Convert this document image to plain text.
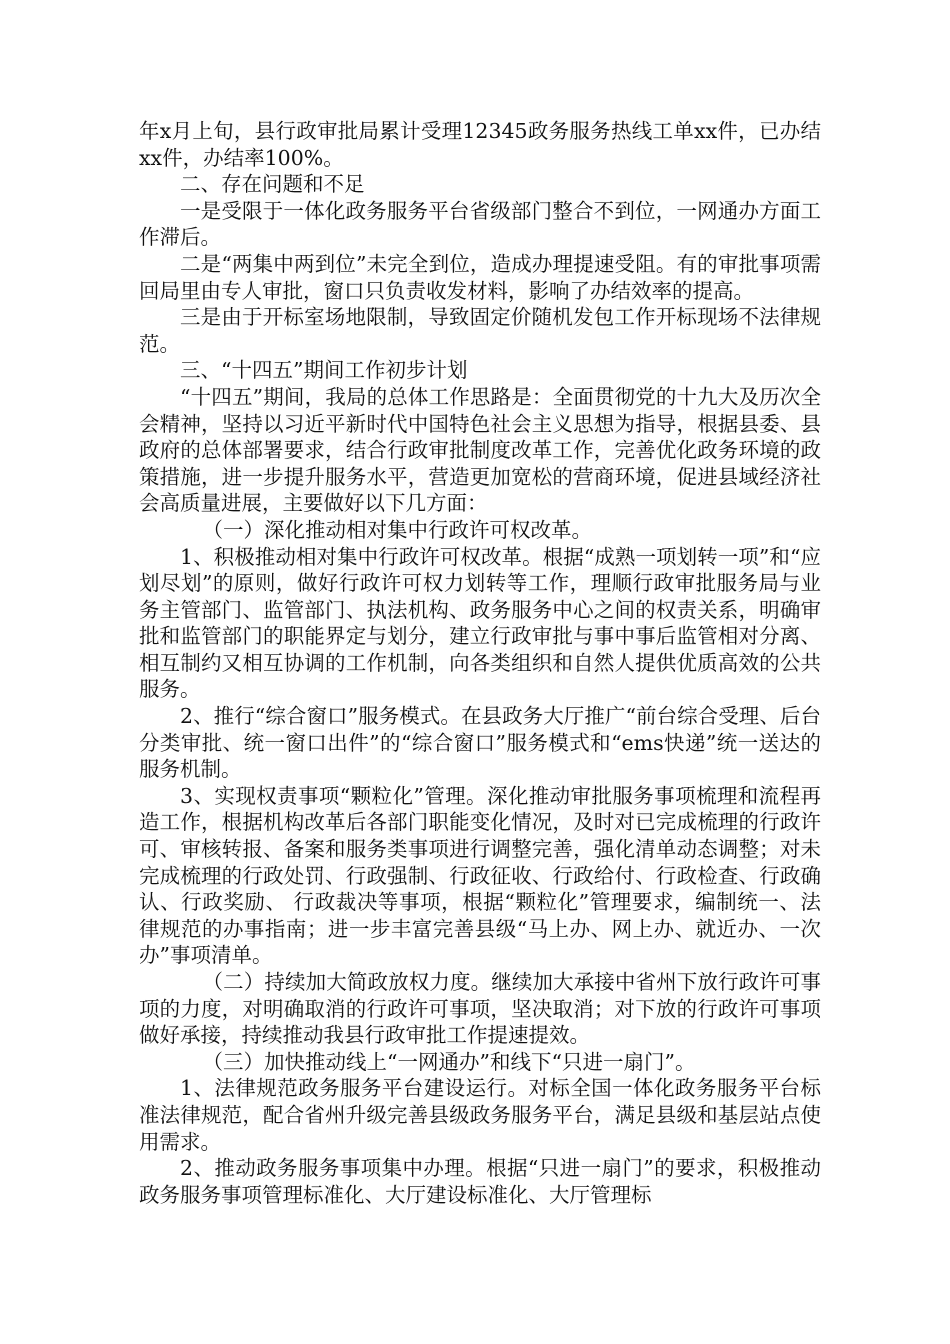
年x月上旬，县行政审批局累计受理12345政务服务热线工单xx件，已办结xx件，办结率100%。

二、存在问题和不足

一是受限于一体化政务服务平台省级部门整合不到位，一网通办方面工作滞后。

二是“两集中两到位”未完全到位，造成办理提速受阻。有的审批事项需回局里由专人审批，窗口只负责收发材料，影响了办结效率的提高。

三是由于开标室场地限制，导致固定价随机发包工作开标现场不法律规范。

三、“十四五”期间工作初步计划

“十四五”期间，我局的总体工作思路是：全面贯彻党的十九大及历次全会精神，坚持以习近平新时代中国特色社会主义思想为指导，根据县委、县政府的总体部署要求，结合行政审批制度改革工作，完善优化政务环境的政策措施，进一步提升服务水平，营造更加宽松的营商环境，促进县域经济社会高质量进展，主要做好以下几方面：

（一）深化推动相对集中行政许可权改革。

1、积极推动相对集中行政许可权改革。根据“成熟一项划转一项”和“应划尽划”的原则，做好行政许可权力划转等工作，理顺行政审批服务局与业务主管部门、监管部门、执法机构、政务服务中心之间的权责关系，明确审批和监管部门的职能界定与划分，建立行政审批与事中事后监管相对分离、相互制约又相互协调的工作机制，向各类组织和自然人提供优质高效的公共服务。

2、推行“综合窗口”服务模式。在县政务大厅推广“前台综合受理、后台分类审批、统一窗口出件”的“综合窗口”服务模式和“ems快递”统一送达的服务机制。

3、实现权责事项“颗粒化”管理。深化推动审批服务事项梳理和流程再造工作，根据机构改革后各部门职能变化情况，及时对已完成梳理的行政许可、审核转报、备案和服务类事项进行调整完善，强化清单动态调整；对未完成梳理的行政处罚、行政强制、行政征收、行政给付、行政检查、行政确认、行政奖励、 行政裁决等事项，根据“颗粒化”管理要求，编制统一、法律规范的办事指南；进一步丰富完善县级“马上办、网上办、就近办、一次办”事项清单。

（二）持续加大简政放权力度。继续加大承接中省州下放行政许可事项的力度，对明确取消的行政许可事项，坚决取消；对下放的行政许可事项做好承接，持续推动我县行政审批工作提速提效。

（三）加快推动线上“一网通办”和线下“只进一扇门”。

1、法律规范政务服务平台建设运行。对标全国一体化政务服务平台标准法律规范，配合省州升级完善县级政务服务平台，满足县级和基层站点使用需求。

2、推动政务服务事项集中办理。根据“只进一扇门”的要求，积极推动政务服务事项管理标准化、大厅建设标准化、大厅管理标
